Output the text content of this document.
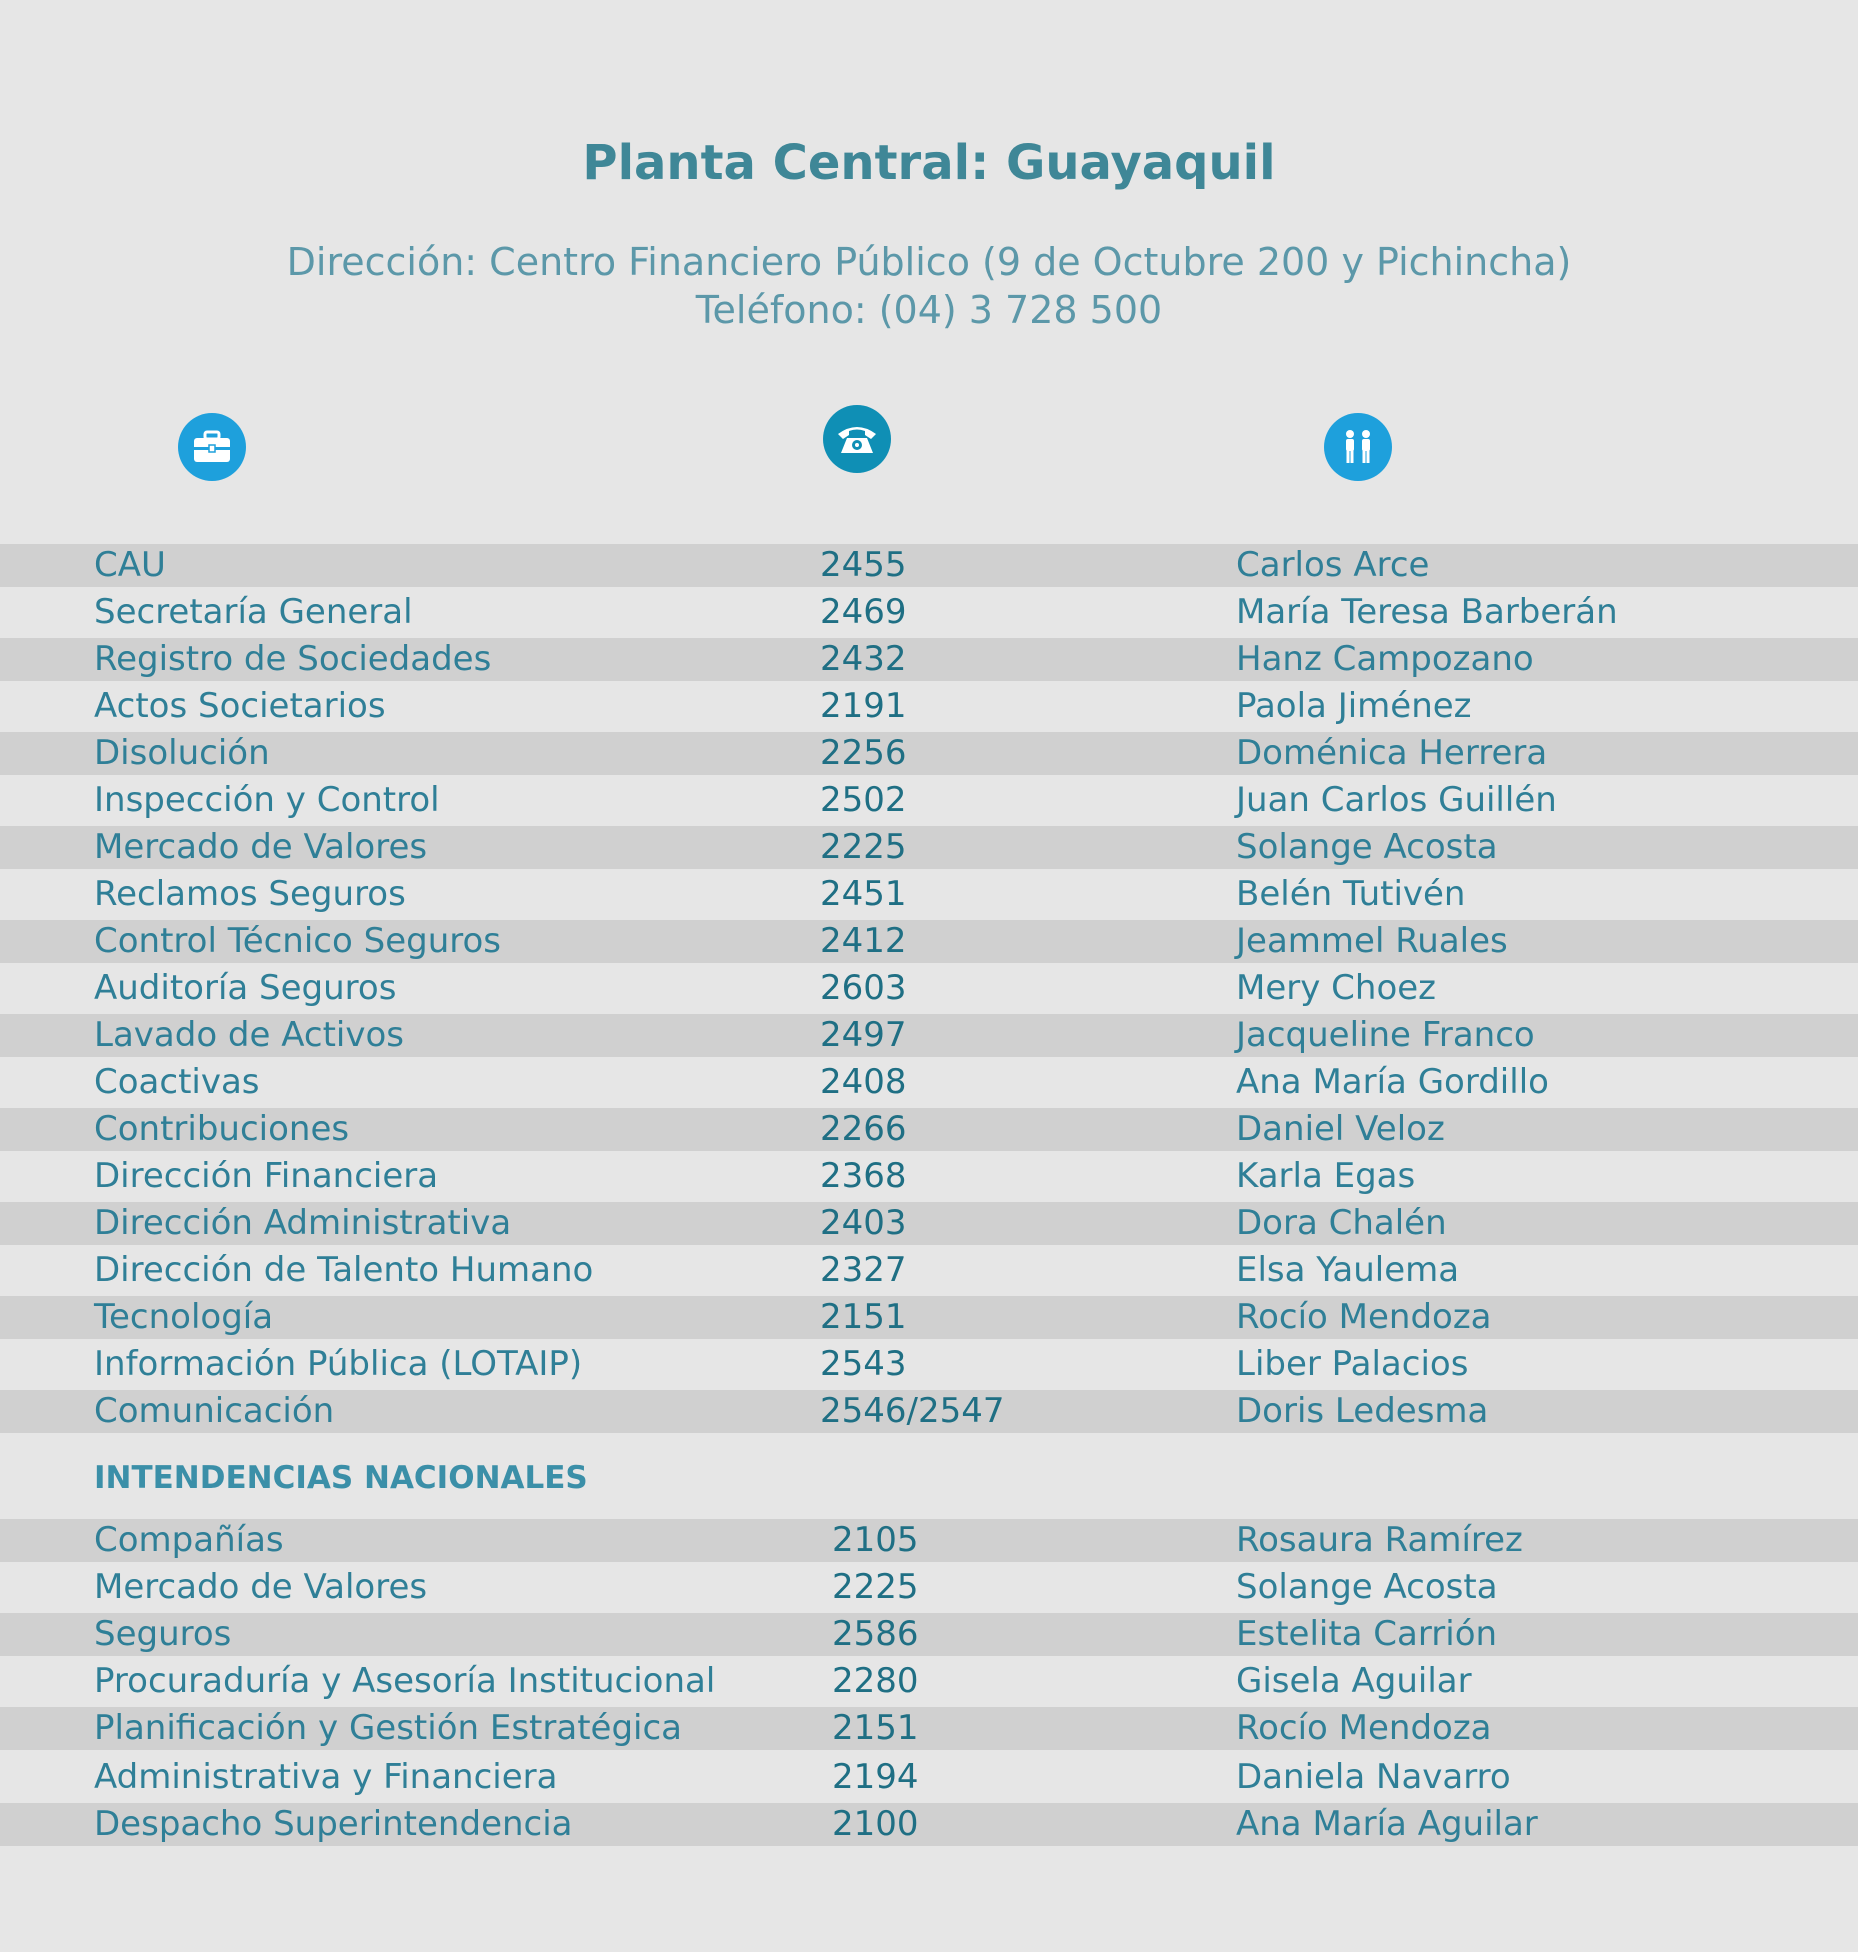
Planta Central: Guayaquil
Dirección: Centro Financiero Público (9 de Octubre 200 y Pichincha)
Teléfono: (04) 3 728 500
CAU	2455	Carlos Arce
Secretaría General	2469	María Teresa Barberán
Registro de Sociedades	2432	Hanz Campozano
Actos Societarios	2191	Paola Jiménez
Disolución	2256	Doménica Herrera
Inspección y Control	2502	Juan Carlos Guillén
Mercado de Valores	2225	Solange Acosta
Reclamos Seguros	2451	Belén Tutivén
Control Técnico Seguros	2412	Jeammel Ruales
Auditoría Seguros	2603	Mery Choez
Lavado de Activos	2497	Jacqueline Franco
Coactivas	2408	Ana María Gordillo
Contribuciones	2266	Daniel Veloz
Dirección Financiera	2368	Karla Egas
Dirección Administrativa	2403	Dora Chalén
Dirección de Talento Humano	2327	Elsa Yaulema
Tecnología	2151	Rocío Mendoza
Información Pública (LOTAIP)	2543	Liber Palacios
Comunicación	2546/2547	Doris Ledesma
INTENDENCIAS NACIONALES
Compañías	2105	Rosaura Ramírez
Mercado de Valores	2225	Solange Acosta
Seguros	2586	Estelita Carrión
Procuraduría y Asesoría Institucional	2280	Gisela Aguilar
Planificación y Gestión Estratégica	2151	Rocío Mendoza
Administrativa y Financiera	2194	Daniela Navarro
Despacho Superintendencia	2100	Ana María Aguilar
